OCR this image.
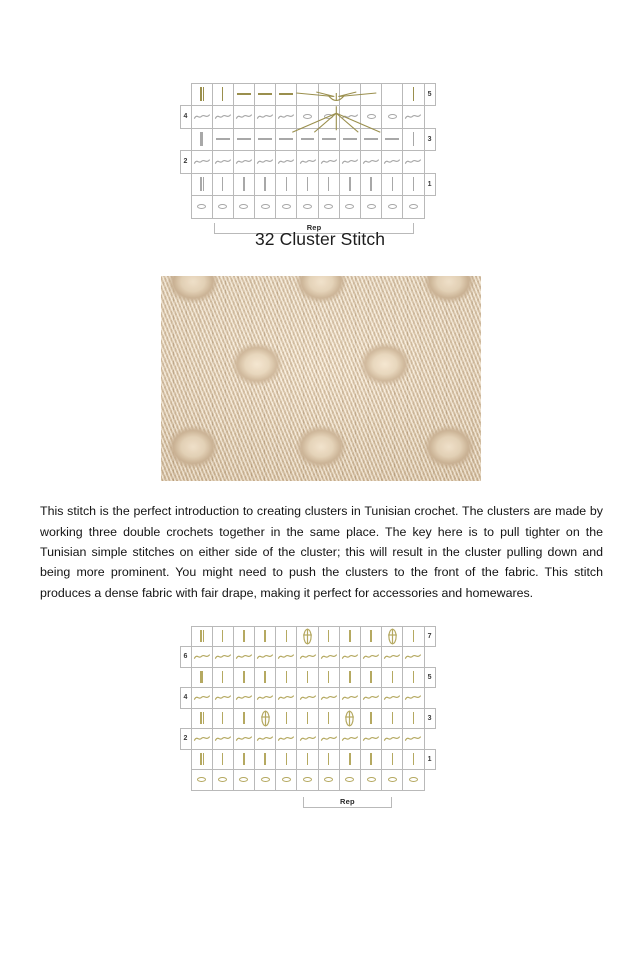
5
4
3
2
1
Rep
32 Cluster Stitch

This stitch is the perfect introduction to creating clusters in Tunisian crochet. The clusters are made by working three double crochets together in the same place. The key here is to pull tighter on the Tunisian simple stitches on either side of the cluster; this will result in the cluster pulling down and being more prominent. You might need to push the clusters to the front of the fabric. This stitch produces a dense fabric with fair drape, making it perfect for accessories and homewares.

7
6
5
4
3
2
1
Rep
